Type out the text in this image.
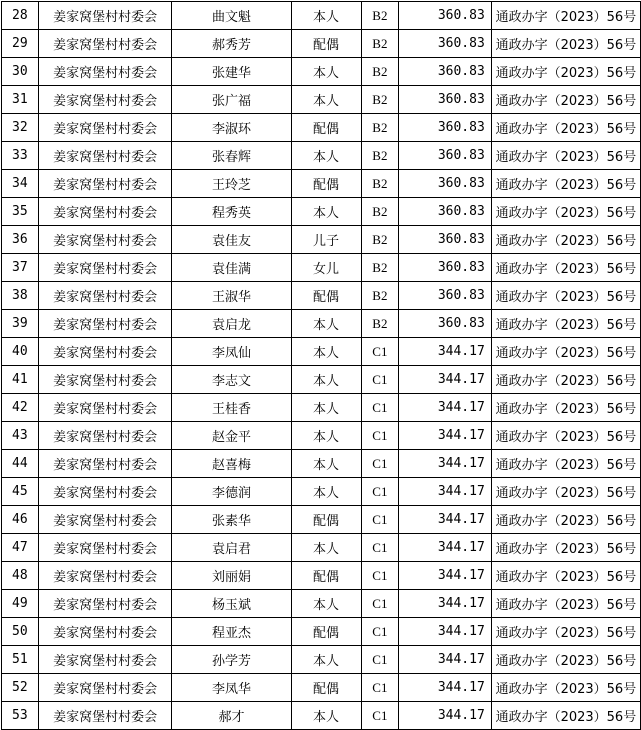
28	姜家窝堡村村委会	曲文魁	本人	B2	360.83	通政办字（2023）56号
29	姜家窝堡村村委会	郝秀芳	配偶	B2	360.83	通政办字（2023）56号
30	姜家窝堡村村委会	张建华	本人	B2	360.83	通政办字（2023）56号
31	姜家窝堡村村委会	张广福	本人	B2	360.83	通政办字（2023）56号
32	姜家窝堡村村委会	李淑环	配偶	B2	360.83	通政办字（2023）56号
33	姜家窝堡村村委会	张春辉	本人	B2	360.83	通政办字（2023）56号
34	姜家窝堡村村委会	王玲芝	配偶	B2	360.83	通政办字（2023）56号
35	姜家窝堡村村委会	程秀英	本人	B2	360.83	通政办字（2023）56号
36	姜家窝堡村村委会	袁佳友	儿子	B2	360.83	通政办字（2023）56号
37	姜家窝堡村村委会	袁佳满	女儿	B2	360.83	通政办字（2023）56号
38	姜家窝堡村村委会	王淑华	配偶	B2	360.83	通政办字（2023）56号
39	姜家窝堡村村委会	袁启龙	本人	B2	360.83	通政办字（2023）56号
40	姜家窝堡村村委会	李凤仙	本人	C1	344.17	通政办字（2023）56号
41	姜家窝堡村村委会	李志文	本人	C1	344.17	通政办字（2023）56号
42	姜家窝堡村村委会	王桂香	本人	C1	344.17	通政办字（2023）56号
43	姜家窝堡村村委会	赵金平	本人	C1	344.17	通政办字（2023）56号
44	姜家窝堡村村委会	赵喜梅	本人	C1	344.17	通政办字（2023）56号
45	姜家窝堡村村委会	李德润	本人	C1	344.17	通政办字（2023）56号
46	姜家窝堡村村委会	张素华	配偶	C1	344.17	通政办字（2023）56号
47	姜家窝堡村村委会	袁启君	本人	C1	344.17	通政办字（2023）56号
48	姜家窝堡村村委会	刘丽娟	配偶	C1	344.17	通政办字（2023）56号
49	姜家窝堡村村委会	杨玉斌	本人	C1	344.17	通政办字（2023）56号
50	姜家窝堡村村委会	程亚杰	配偶	C1	344.17	通政办字（2023）56号
51	姜家窝堡村村委会	孙学芳	本人	C1	344.17	通政办字（2023）56号
52	姜家窝堡村村委会	李凤华	配偶	C1	344.17	通政办字（2023）56号
53	姜家窝堡村村委会	郝才	本人	C1	344.17	通政办字（2023）56号
